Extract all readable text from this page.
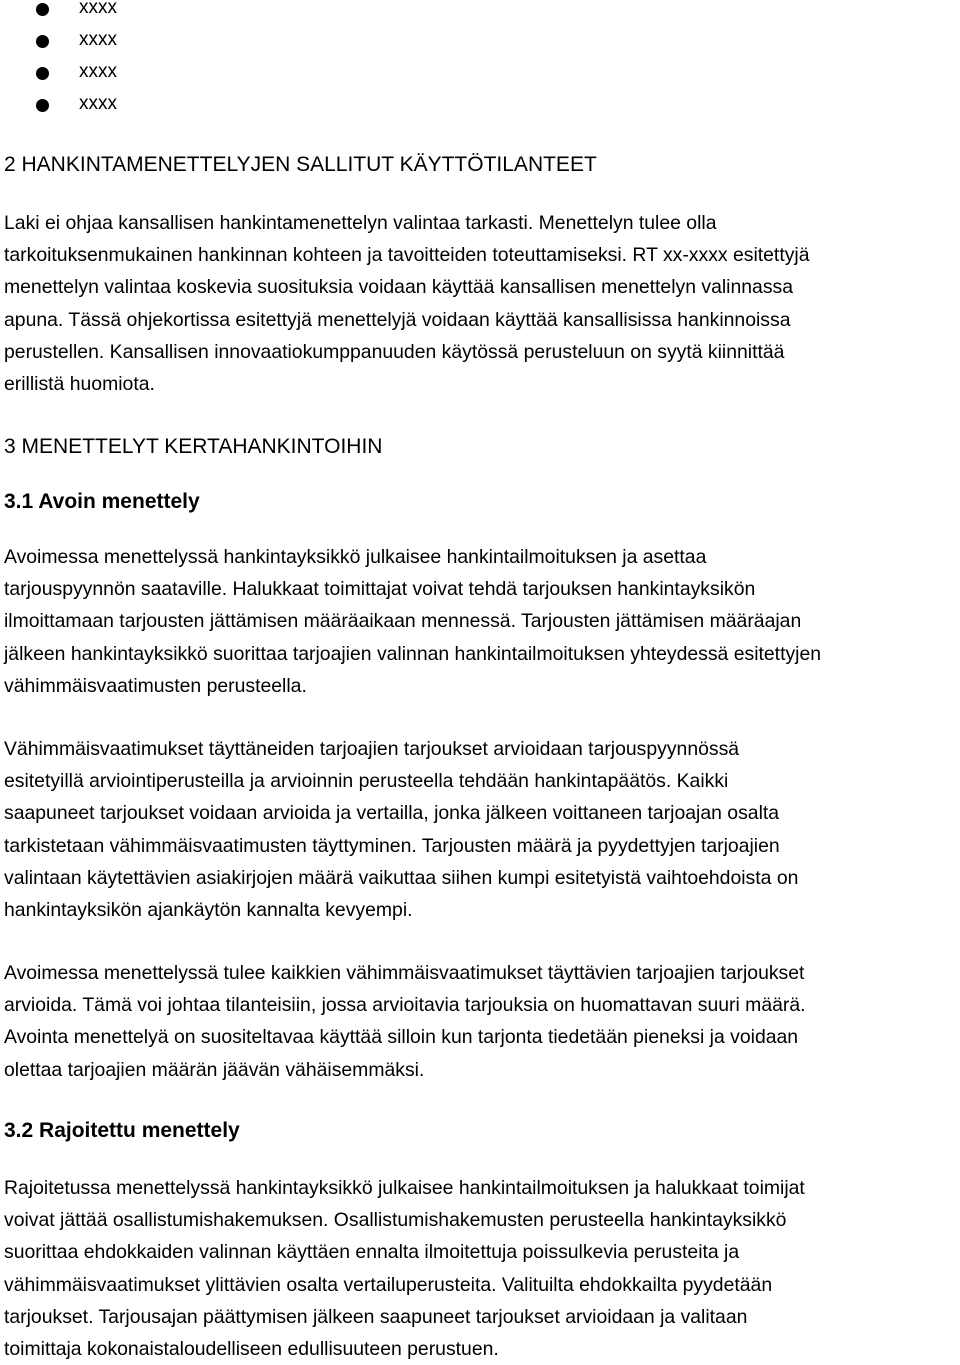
xxxx
xxxx
xxxx
xxxx
2 HANKINTAMENETTELYJEN SALLITUT KÄYTTÖTILANTEET

Laki ei ohjaa kansallisen hankintamenettelyn valintaa tarkasti. Menettelyn tulee olla
tarkoituksenmukainen hankinnan kohteen ja tavoitteiden toteuttamiseksi. RT xx-xxxx esitettyjä
menettelyn valintaa koskevia suosituksia voidaan käyttää kansallisen menettelyn valinnassa
apuna. Tässä ohjekortissa esitettyjä menettelyjä voidaan käyttää kansallisissa hankinnoissa
perustellen. Kansallisen innovaatiokumppanuuden käytössä perusteluun on syytä kiinnittää
erillistä huomiota.

3 MENETTELYT KERTAHANKINTOIHIN
3.1 Avoin menettely

Avoimessa menettelyssä hankintayksikkö julkaisee hankintailmoituksen ja asettaa
tarjouspyynnön saataville. Halukkaat toimittajat voivat tehdä tarjouksen hankintayksikön
ilmoittamaan tarjousten jättämisen määräaikaan mennessä. Tarjousten jättämisen määräajan
jälkeen hankintayksikkö suorittaa tarjoajien valinnan hankintailmoituksen yhteydessä esitettyjen
vähimmäisvaatimusten perusteella.

Vähimmäisvaatimukset täyttäneiden tarjoajien tarjoukset arvioidaan tarjouspyynnössä
esitetyillä arviointiperusteilla ja arvioinnin perusteella tehdään hankintapäätös. Kaikki
saapuneet tarjoukset voidaan arvioida ja vertailla, jonka jälkeen voittaneen tarjoajan osalta
tarkistetaan vähimmäisvaatimusten täyttyminen. Tarjousten määrä ja pyydettyjen tarjoajien
valintaan käytettävien asiakirjojen määrä vaikuttaa siihen kumpi esitetyistä vaihtoehdoista on
hankintayksikön ajankäytön kannalta kevyempi.

Avoimessa menettelyssä tulee kaikkien vähimmäisvaatimukset täyttävien tarjoajien tarjoukset
arvioida. Tämä voi johtaa tilanteisiin, jossa arvioitavia tarjouksia on huomattavan suuri määrä.
Avointa menettelyä on suositeltavaa käyttää silloin kun tarjonta tiedetään pieneksi ja voidaan
olettaa tarjoajien määrän jäävän vähäisemmäksi.

3.2 Rajoitettu menettely

Rajoitetussa menettelyssä hankintayksikkö julkaisee hankintailmoituksen ja halukkaat toimijat
voivat jättää osallistumishakemuksen. Osallistumishakemusten perusteella hankintayksikkö
suorittaa ehdokkaiden valinnan käyttäen ennalta ilmoitettuja poissulkevia perusteita ja
vähimmäisvaatimukset ylittävien osalta vertailuperusteita. Valituilta ehdokkailta pyydetään
tarjoukset. Tarjousajan päättymisen jälkeen saapuneet tarjoukset arvioidaan ja valitaan
toimittaja kokonaistaloudelliseen edullisuuteen perustuen.
